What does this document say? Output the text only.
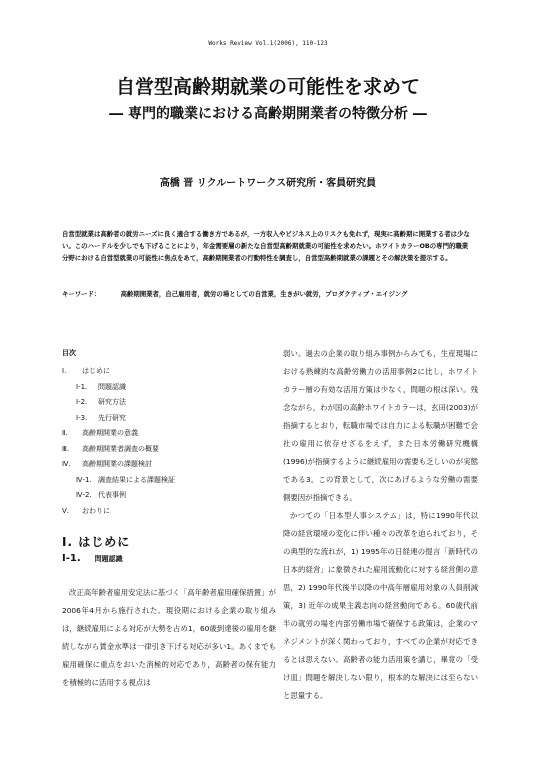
Works Review Vol.1(2006), 110-123
自営型高齢期就業の可能性を求めて
― 専門的職業における高齢期開業者の特徴分析 ―
高橋 晋 リクルートワークス研究所・客員研究員
自営型就業は高齢者の就労ニーズに良く適合する働き方であるが，一方収入やビジネス上のリスクも免れず，現実に高齢期に開業する者は少ない。このハードルを少しでも下げることにより，年金需要層の新たな自営型高齢期就業の可能性を求めたい。ホワイトカラーOBの専門的職業分野における自営型就業の可能性に焦点をあて，高齢期開業者の行動特性を調査し，自営型高齢期就業の課題とその解決策を提示する。
キーワード：	高齢期開業者，自己雇用者，就労の場としての自営業，生きがい就労，プロダクティブ・エイジング
目次
Ⅰ.	はじめに
Ⅰ-1.	問題認識
Ⅰ-2.	研究方法
Ⅰ-3.	先行研究
Ⅱ.	高齢期開業の意義
Ⅲ.	高齢期開業者調査の概要
Ⅳ.	高齢期開業の課題検討
Ⅳ-1. 調査結果による課題検証
Ⅳ-2. 代表事例
Ⅴ.	おわりに
Ⅰ. はじめに
Ⅰ-1. 問題認識
改正高年齢者雇用安定法に基づく「高年齢者雇用確保措置」が2006年4月から施行された。現役期における企業の取り組みは，継続雇用による対応が大勢を占め1，60歳到達後の雇用を継続しながら賃金水準は一律引き下げる対応が多い1。あくまでも雇用確保に重点をおいた消極的対応であり，高齢者の保有能力を積極的に活用する視点は

弱い。過去の企業の取り組み事例からみても，生産現場における熟練的な高齢労働力の活用事例2に比し，ホワイトカラー層の有効な活用方策は少なく，問題の根は深い。残念ながら，わが国の高齢ホワイトカラーは，玄田(2003)が指摘するとおり，転職市場では自力による転職が困難で会社の雇用に依存せざるをえず，また日本労働研究機構(1996)が指摘するように継続雇用の需要も乏しいのが実態である3。この背景として，次にあげるような労働の需要側要因が指摘できる。

かつての「日本型人事システム」は，特に1990年代以降の経営環境の変化に伴い種々の改革を迫られており，その典型的な流れが，1) 1995年の日経連の提言「新時代の日本的経営」に象徴された雇用流動化に対する経営側の意思，2) 1990年代後半以降の中高年層雇用対象の人員削減策，3) 近年の成果主義志向の経営動向である。60歳代前半の就労の場を内部労働市場で確保する政策は，企業のマネジメントが深く関わっており，すべての企業が対応できるとは思えない。高齢者の能力活用策を講じ，畢竟の「受け皿」問題を解決しない限り，根本的な解決には至らないと思量する。
